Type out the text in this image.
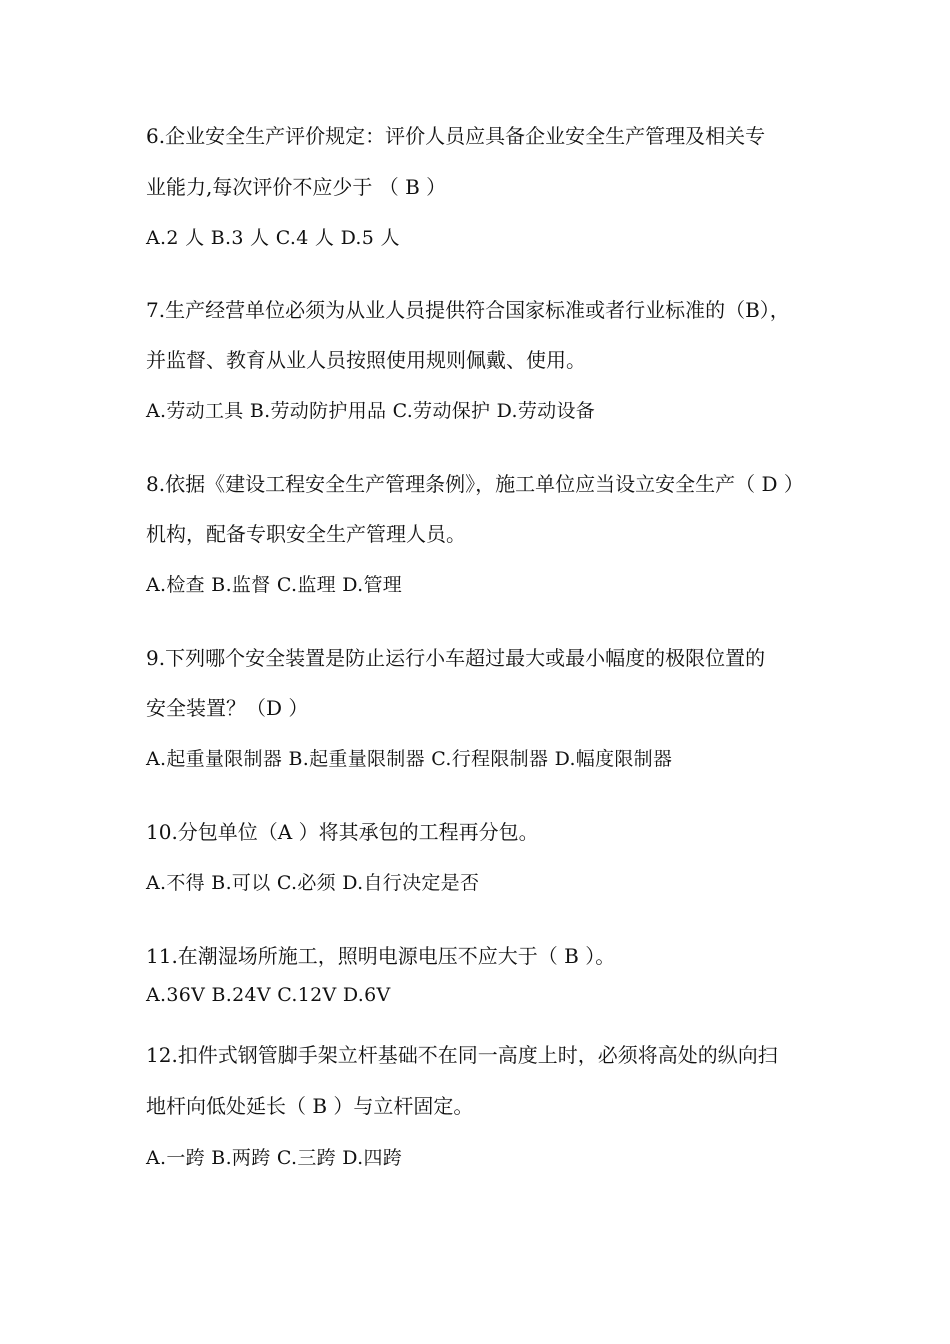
6.企业安全生产评价规定：评价人员应具备企业安全生产管理及相关专
业能力,每次评价不应少于 （ B ）
A.2 人 B.3 人 C.4 人 D.5 人
7.生产经营单位必须为从业人员提供符合国家标准或者行业标准的（B），
并监督、教育从业人员按照使用规则佩戴、使用。
A.劳动工具 B.劳动防护用品 C.劳动保护 D.劳动设备
8.依据《建设工程安全生产管理条例》，施工单位应当设立安全生产（ D ）
机构，配备专职安全生产管理人员。
A.检查 B.监督 C.监理 D.管理
9.下列哪个安全装置是防止运行小车超过最大或最小幅度的极限位置的
安全装置？（D ）
A.起重量限制器 B.起重量限制器 C.行程限制器 D.幅度限制器
10.分包单位（A ）将其承包的工程再分包。
A.不得 B.可以 C.必须 D.自行决定是否
11.在潮湿场所施工，照明电源电压不应大于（ B ）。
A.36V B.24V C.12V D.6V
12.扣件式钢管脚手架立杆基础不在同一高度上时，必须将高处的纵向扫
地杆向低处延长（ B ）与立杆固定。
A.一跨 B.两跨 C.三跨 D.四跨
